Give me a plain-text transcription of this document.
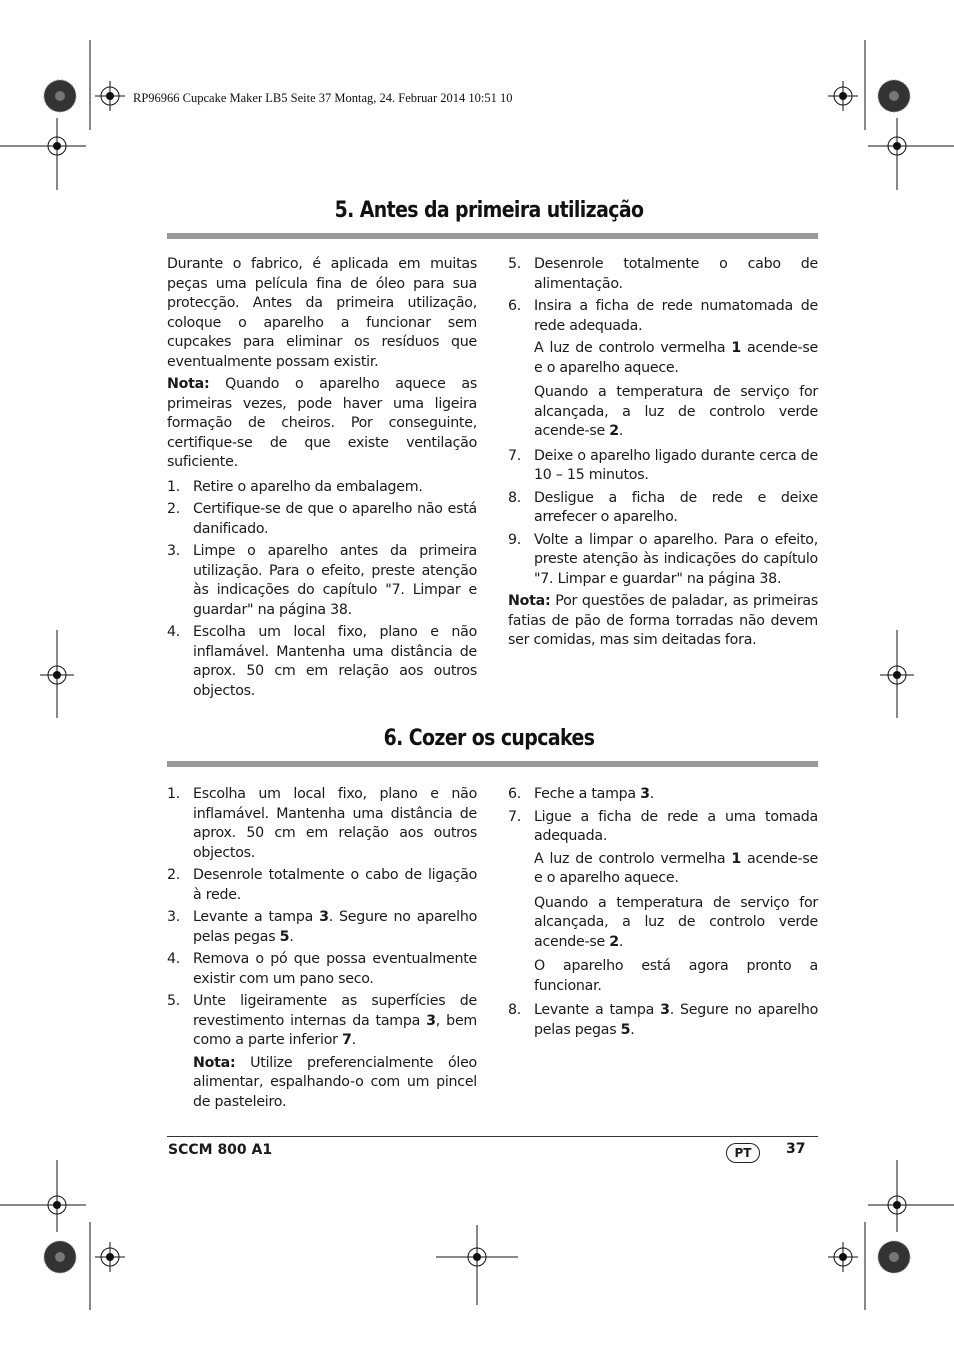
RP96966 Cupcake Maker LB5 Seite 37 Montag, 24. Februar 2014 10:51 10
5. Antes da primeira utilização

Durante o fabrico, é aplicada em muitas peças uma película fina de óleo para sua protecção. Antes da primeira utilização, coloque o aparelho a funcionar sem cupcakes para eliminar os resíduos que eventualmente possam existir.

Nota: Quando o aparelho aquece as primeiras vezes, pode haver uma ligeira formação de cheiros. Por conseguinte, certifique-se de que existe ventilação suficiente.

1. Retire o aparelho da embalagem.
2. Certifique-se de que o aparelho não está danificado.
3. Limpe o aparelho antes da primeira utilização. Para o efeito, preste atenção às indicações do capítulo "7. Limpar e guardar" na página 38.
4. Escolha um local fixo, plano e não inflamável. Mantenha uma distância de aprox. 50 cm em relação aos outros objectos.
5. Desenrole totalmente o cabo de alimentação.
6. Insira a ficha de rede numatomada de rede adequada.
A luz de controlo vermelha 1 acende-se e o aparelho aquece.
Quando a temperatura de serviço for alcançada, a luz de controlo verde acende-se 2.
7. Deixe o aparelho ligado durante cerca de 10 – 15 minutos.
8. Desligue a ficha de rede e deixe arrefecer o aparelho.
9. Volte a limpar o aparelho. Para o efeito, preste atenção às indicações do capítulo "7. Limpar e guardar" na página 38.

Nota: Por questões de paladar, as primeiras fatias de pão de forma torradas não devem ser comidas, mas sim deitadas fora.

6. Cozer os cupcakes
1. Escolha um local fixo, plano e não inflamável. Mantenha uma distância de aprox. 50 cm em relação aos outros objectos.
2. Desenrole totalmente o cabo de ligação à rede.
3. Levante a tampa 3. Segure no aparelho pelas pegas 5.
4. Remova o pó que possa eventualmente existir com um pano seco.
5. Unte ligeiramente as superfícies de revestimento internas da tampa 3, bem como a parte inferior 7.
Nota: Utilize preferencialmente óleo alimentar, espalhando-o com um pincel de pasteleiro.
6. Feche a tampa 3.
7. Ligue a ficha de rede a uma tomada adequada.
A luz de controlo vermelha 1 acende-se e o aparelho aquece.
Quando a temperatura de serviço for alcançada, a luz de controlo verde acende-se 2.
O aparelho está agora pronto a funcionar.
8. Levante a tampa 3. Segure no aparelho pelas pegas 5.
SCCM 800 A1	PT	37
